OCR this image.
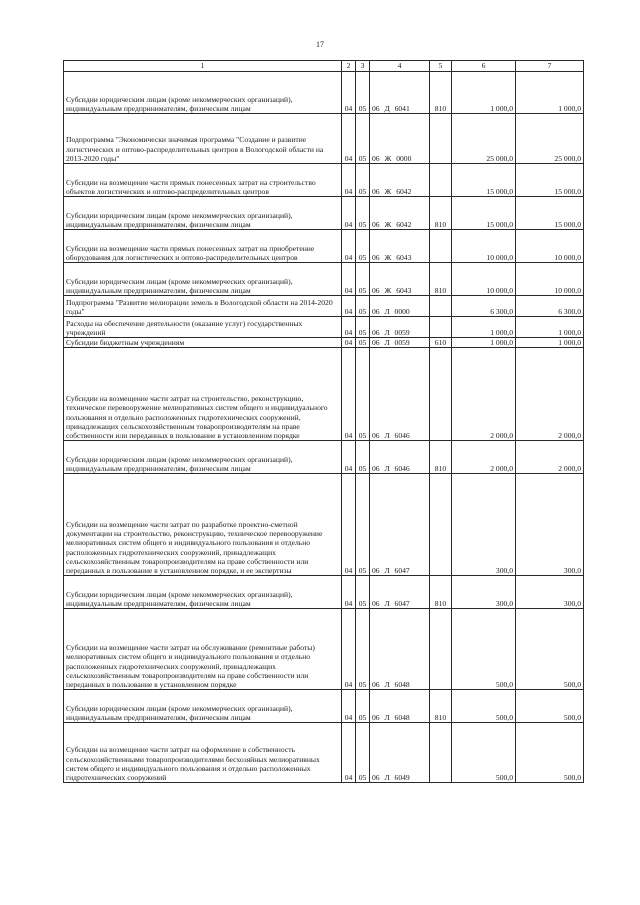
17
1	2	3	4	5	6	7
Субсидии юридическим лицам (кроме некоммерческих организаций), индивидуальным предпринимателям, физическим лицам	04	05	06 Д 6041	810	1 000,0	1 000,0
Подпрограмма "Экономически значимая программа "Создание и развитие логистических и оптово-распределительных центров в Вологодской области на 2013-2020 годы"	04	05	06 Ж 0000		25 000,0	25 000,0
Субсидии на возмещение части прямых понесенных затрат на строительство объектов логистических и оптово-распределительных центров	04	05	06 Ж 6042		15 000,0	15 000,0
Субсидии юридическим лицам (кроме некоммерческих организаций), индивидуальным предпринимателям, физическим лицам	04	05	06 Ж 6042	810	15 000,0	15 000,0
Субсидии на возмещение части прямых понесенных затрат на приобретение оборудования для логистических и оптово-распределительных центров	04	05	06 Ж 6043		10 000,0	10 000,0
Субсидии юридическим лицам (кроме некоммерческих организаций), индивидуальным предпринимателям, физическим лицам	04	05	06 Ж 6043	810	10 000,0	10 000,0
Подпрограмма "Развитие мелиорации земель в Вологодской области на 2014-2020 годы"	04	05	06 Л 0000		6 300,0	6 300,0
Расходы на обеспечение деятельности (оказание услуг) государственных учреждений	04	05	06 Л 0059		1 000,0	1 000,0
Субсидии бюджетным учреждениям	04	05	06 Л 0059	610	1 000,0	1 000,0
Субсидии на возмещение части затрат на строительство, реконструкцию, техническое перевооружение мелиоративных систем общего и индивидуального пользования и отдельно расположенных гидротехнических сооружений, принадлежащих сельскохозяйственным товаропроизводителям на праве собственности или переданных в пользование в установленном порядке	04	05	06 Л 6046		2 000,0	2 000,0
Субсидии юридическим лицам (кроме некоммерческих организаций), индивидуальным предпринимателям, физическим лицам	04	05	06 Л 6046	810	2 000,0	2 000,0
Субсидии на возмещение части затрат по разработке проектно-сметной документации на строительство, реконструкцию, техническое перевооружение мелиоративных систем общего и индивидуального пользования и отдельно расположенных гидротехнических сооружений, принадлежащих сельскохозяйственным товаропроизводителям на праве собственности или переданных в пользование в установленном порядке, и ее экспертизы	04	05	06 Л 6047		300,0	300,0
Субсидии юридическим лицам (кроме некоммерческих организаций), индивидуальным предпринимателям, физическим лицам	04	05	06 Л 6047	810	300,0	300,0
Субсидии на возмещение части затрат на обслуживание (ремонтные работы) мелиоративных систем общего и индивидуального пользования и отдельно расположенных гидротехнических сооружений, принадлежащих сельскохозяйственным товаропроизводителям на праве собственности или переданных в пользование в установленном порядке	04	05	06 Л 6048		500,0	500,0
Субсидии юридическим лицам (кроме некоммерческих организаций), индивидуальным предпринимателям, физическим лицам	04	05	06 Л 6048	810	500,0	500,0
Субсидии на возмещение части затрат на оформление в собственность сельскохозяйственными товаропроизводителями бесхозяйных мелиоративных систем общего и индивидуального пользования и отдельно расположенных гидротехнических сооружений	04	05	06 Л 6049		500,0	500,0
